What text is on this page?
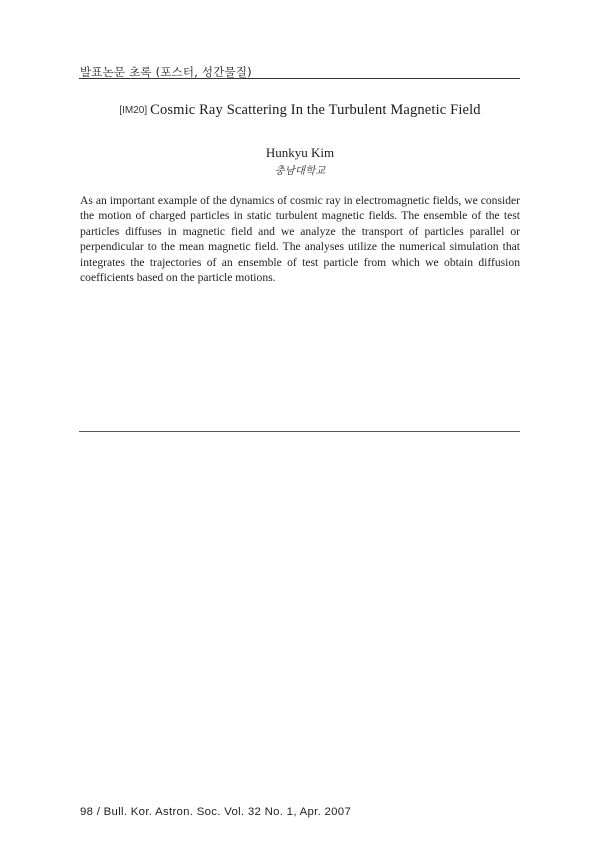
발표논문 초록 (포스터, 성간물질)
[IM20] Cosmic Ray Scattering In the Turbulent Magnetic Field
Hunkyu Kim
충남대학교
As an important example of the dynamics of cosmic ray in electromagnetic fields, we consider the motion of charged particles in static turbulent magnetic fields. The ensemble of the test particles diffuses in magnetic field and we analyze the transport of particles parallel or perpendicular to the mean magnetic field. The analyses utilize the numerical simulation that integrates the trajectories of an ensemble of test particle from which we obtain diffusion coefficients based on the particle motions.
98 / Bull. Kor. Astron. Soc. Vol. 32 No. 1, Apr. 2007
